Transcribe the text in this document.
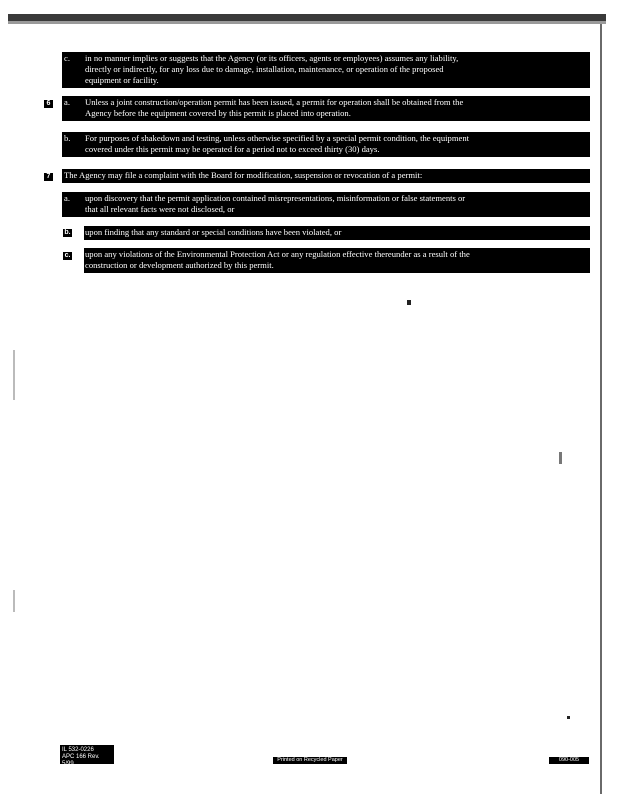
c. in no manner implies or suggests that the Agency (or its officers, agents or employees) assumes any liability,
directly or indirectly, for any loss due to damage, installation, maintenance, or operation of the proposed
equipment or facility.
6 a. Unless a joint construction/operation permit has been issued, a permit for operation shall be obtained from the
Agency before the equipment covered by this permit is placed into operation.
b. For purposes of shakedown and testing, unless otherwise specified by a special permit condition, the equipment
covered under this permit may be operated for a period not to exceed thirty (30) days.
7 The Agency may file a complaint with the Board for modification, suspension or revocation of a permit:
a. upon discovery that the permit application contained misrepresentations, misinformation or false statements or
that all relevant facts were not disclosed, or
b. upon finding that any standard or special conditions have been violated, or
c. upon any violations of the Environmental Protection Act or any regulation effective thereunder as a result of the
construction or development authorized by this permit.
IL 532-0226
APC 166 Rev. 5/99
Printed on Recycled Paper	090-005
